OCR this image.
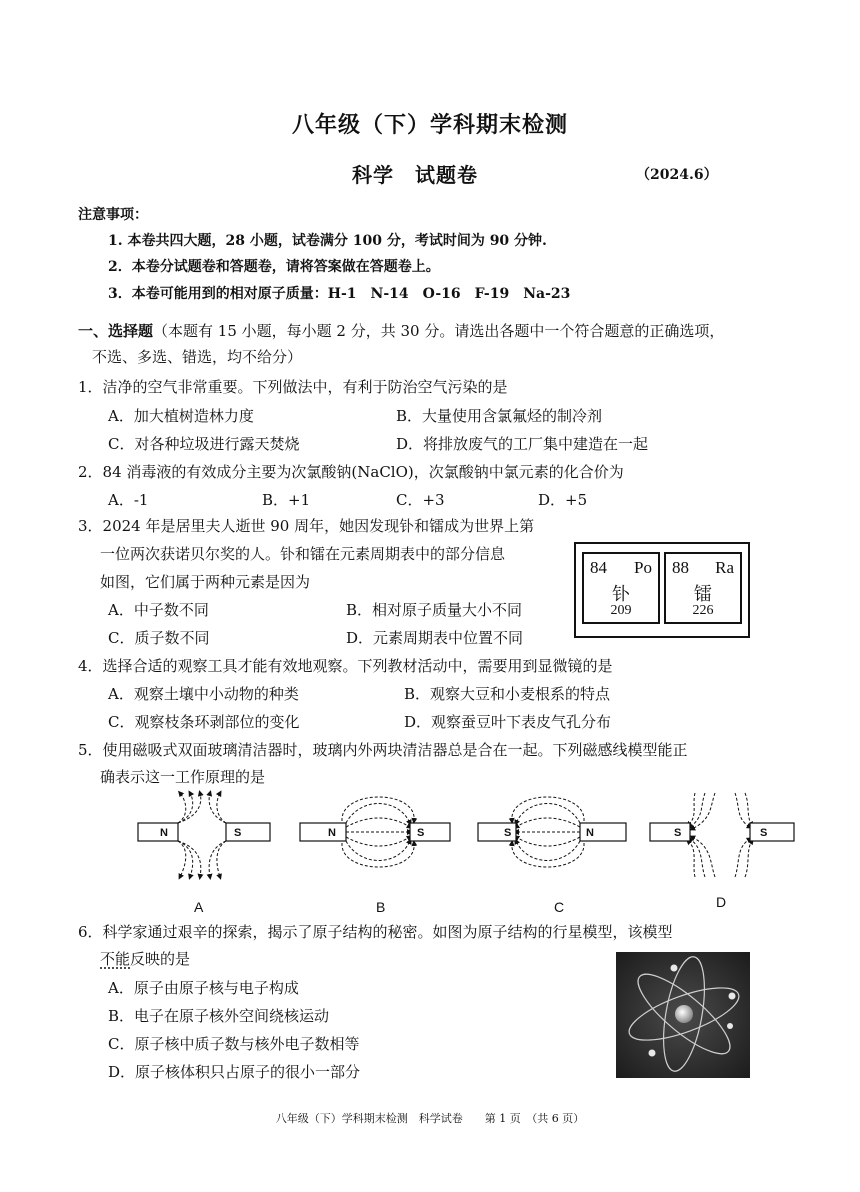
八年级（下）学科期末检测
科学　试题卷	（2024.6）
注意事项：
1. 本卷共四大题，28 小题，试卷满分 100 分，考试时间为 90 分钟.
2．本卷分试题卷和答题卷，请将答案做在答题卷上。
3．本卷可能用到的相对原子质量：H-1　N-14　O-16　F-19　Na-23
一、选择题（本题有 15 小题，每小题 2 分，共 30 分。请选出各题中一个符合题意的正确选项，
不选、多选、错选，均不给分）
1．洁净的空气非常重要。下列做法中，有利于防治空气污染的是
A．加大植树造林力度	B．大量使用含氯氟烃的制冷剂
C．对各种垃圾进行露天焚烧	D．将排放废气的工厂集中建造在一起
2．84 消毒液的有效成分主要为次氯酸钠(NaClO)，次氯酸钠中氯元素的化合价为
A．-1	B．+1	C．+3	D．+5
3．2024 年是居里夫人逝世 90 周年，她因发现钋和镭成为世界上第
一位两次获诺贝尔奖的人。钋和镭在元素周期表中的部分信息
如图，它们属于两种元素是因为
A．中子数不同	B．相对原子质量大小不同
C．质子数不同	D．元素周期表中位置不同
84 Po
钋
209
88 Ra
镭
226
4．选择合适的观察工具才能有效地观察。下列教材活动中，需要用到显微镜的是
A．观察土壤中小动物的种类	B．观察大豆和小麦根系的特点
C．观察枝条环剥部位的变化	D．观察蚕豆叶下表皮气孔分布
5．使用磁吸式双面玻璃清洁器时，玻璃内外两块清洁器总是合在一起。下列磁感线模型能正
确表示这一工作原理的是
N	S
A
N	S
B
S	N
C
S	S
D
6．科学家通过艰辛的探索，揭示了原子结构的秘密。如图为原子结构的行星模型，该模型
不能反映的是
A．原子由原子核与电子构成
B．电子在原子核外空间绕核运动
C．原子核中质子数与核外电子数相等
D．原子核体积只占原子的很小一部分
八年级（下）学科期末检测　科学试卷　　第 1 页　（共 6 页）
